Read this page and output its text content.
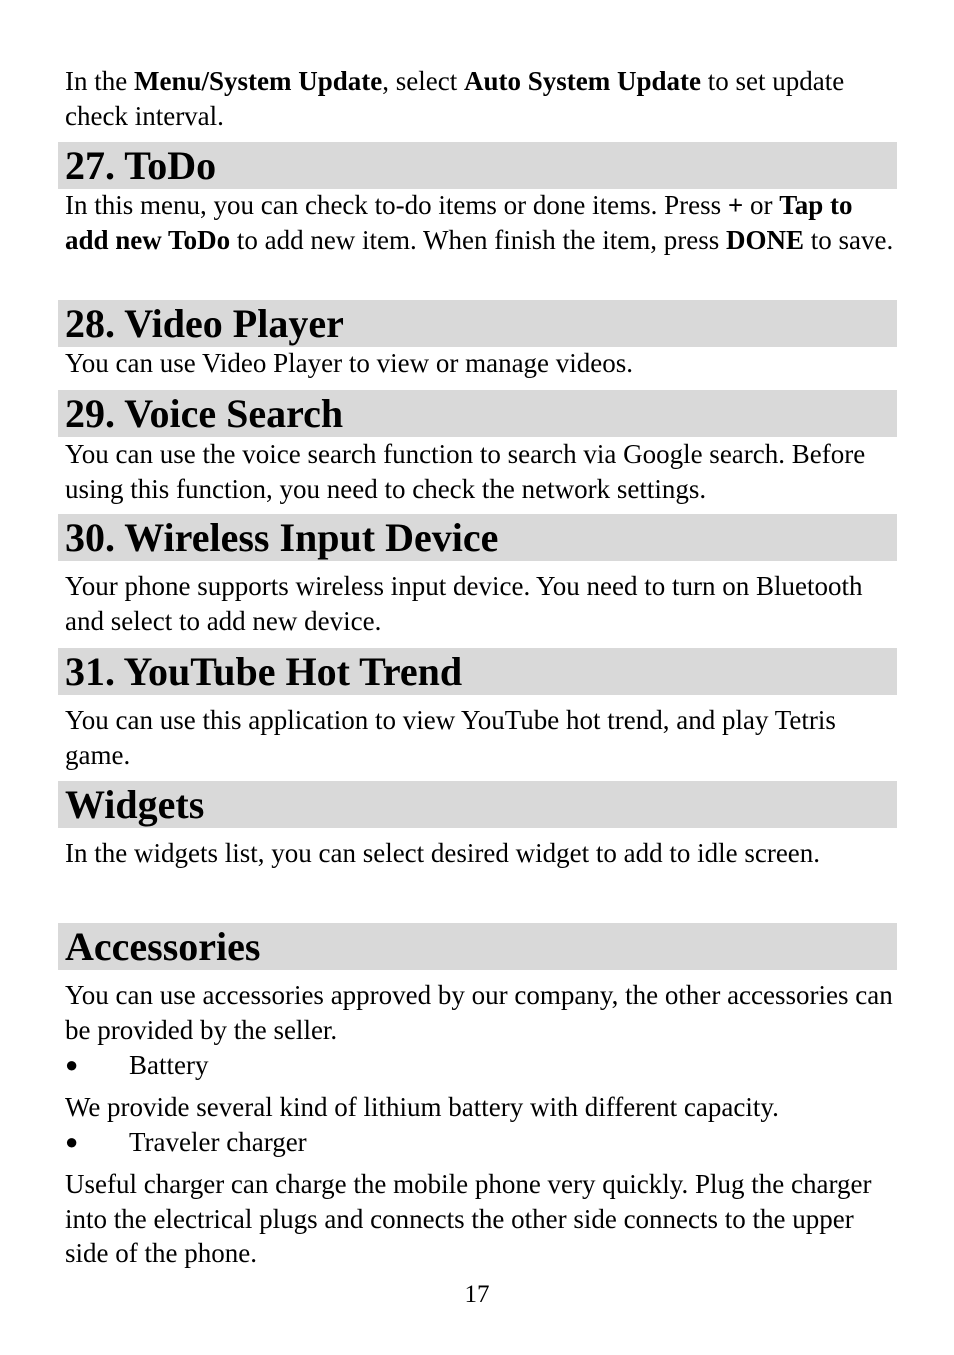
In the Menu/System Update, select Auto System Update to set update check interval.

27. ToDo

In this menu, you can check to-do items or done items. Press + or Tap to add new ToDo to add new item. When finish the item, press DONE to save.

28. Video Player

You can use Video Player to view or manage videos.

29. Voice Search

You can use the voice search function to search via Google search. Before using this function, you need to check the network settings.

30. Wireless Input Device

Your phone supports wireless input device. You need to turn on Bluetooth and select to add new device.

31. YouTube Hot Trend

You can use this application to view YouTube hot trend, and play Tetris game.

Widgets

In the widgets list, you can select desired widget to add to idle screen.

Accessories

You can use accessories approved by our company, the other accessories can be provided by the seller.

● Battery

We provide several kind of lithium battery with different capacity.

● Traveler charger

Useful charger can charge the mobile phone very quickly. Plug the charger into the electrical plugs and connects the other side connects to the upper side of the phone.

17
